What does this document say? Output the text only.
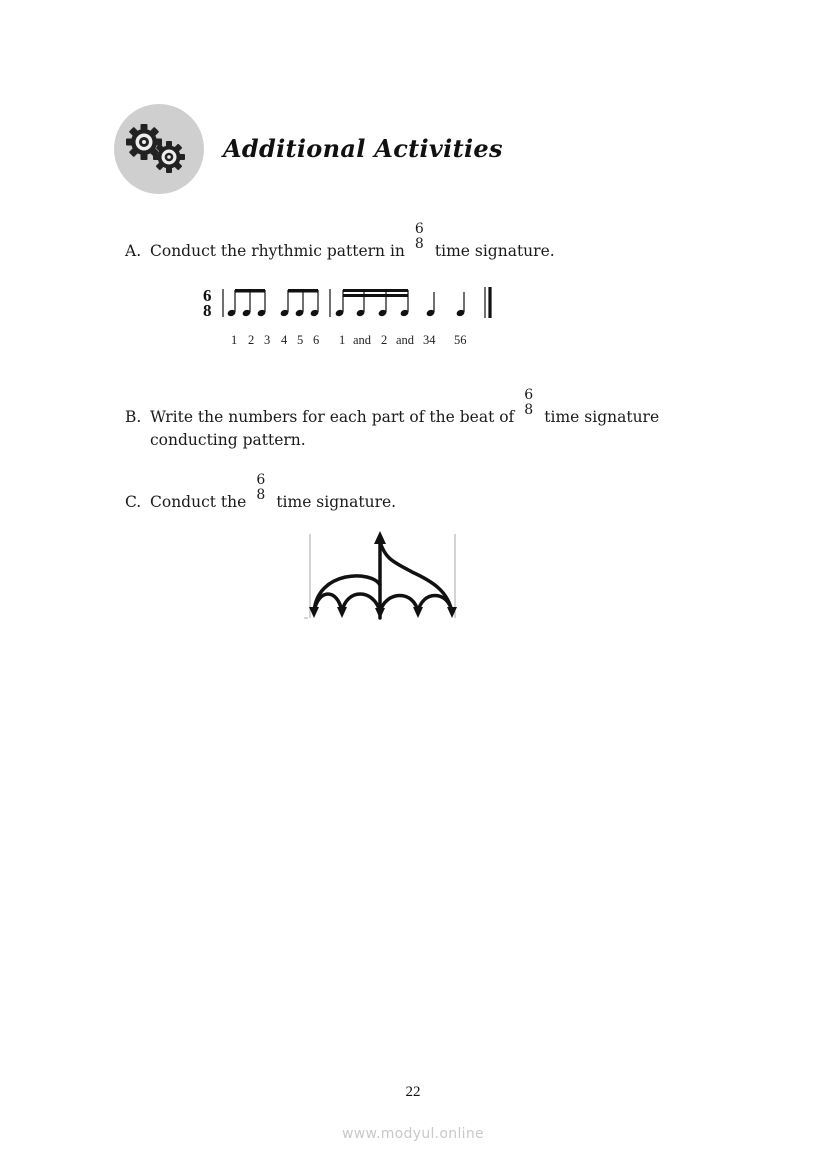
Additional Activities
A. Conduct the rhythmic pattern in
6
8 time signature.
6
8
1 2 3 4 5 6 1 and 2 and 34 56
B. Write the numbers for each part of the beat of
6
8 time signature
conducting pattern.
C. Conduct the
6
8 time signature.
22
www.modyul.online
